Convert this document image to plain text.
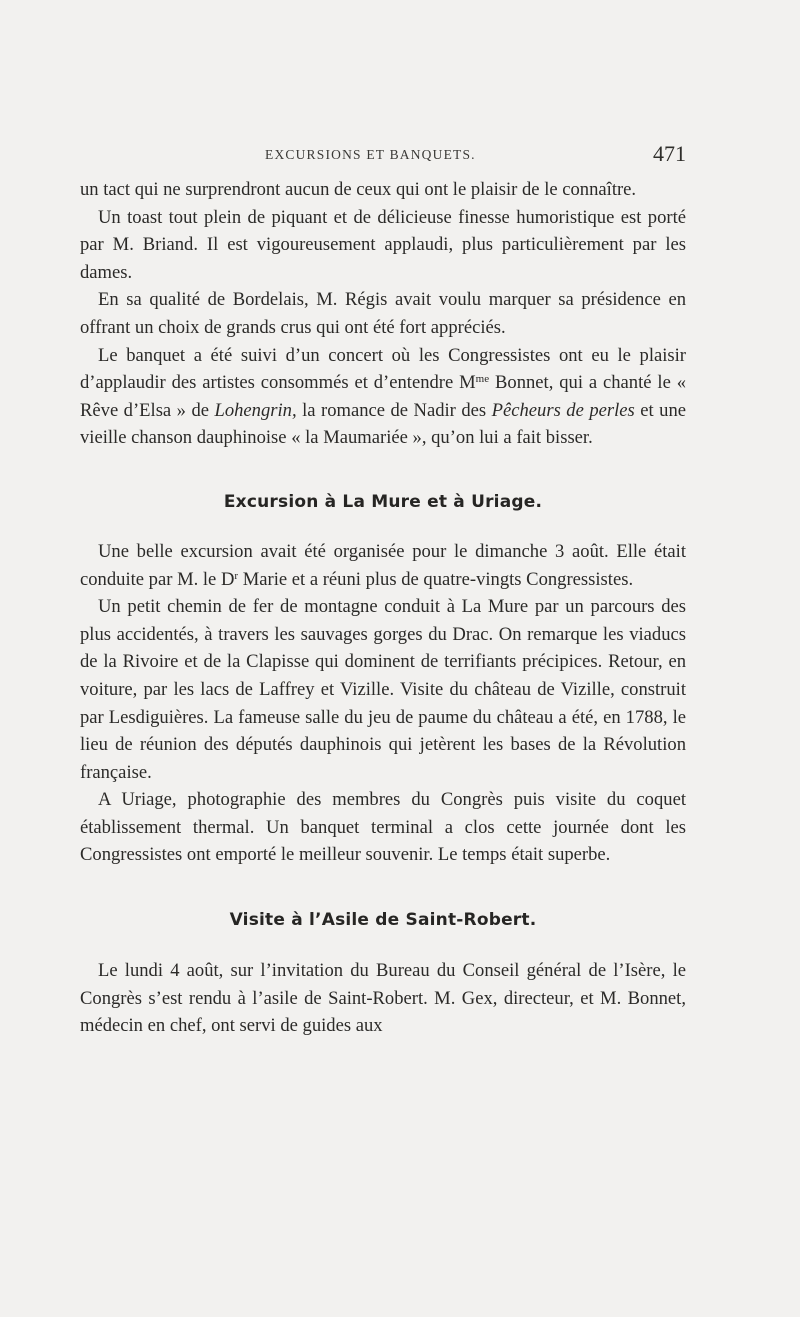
EXCURSIONS ET BANQUETS.	471

un tact qui ne surprendront aucun de ceux qui ont le plaisir de le connaître.

Un toast tout plein de piquant et de délicieuse finesse humoristique est porté par M. Briand. Il est vigoureusement applaudi, plus particulièrement par les dames.

En sa qualité de Bordelais, M. Régis avait voulu marquer sa présidence en offrant un choix de grands crus qui ont été fort appréciés.

Le banquet a été suivi d’un concert où les Congressistes ont eu le plaisir d’applaudir des artistes consommés et d’entendre $M^{me}$ Bonnet, qui a chanté le « Rêve d’Elsa » de Lohengrin, la romance de Nadir des Pêcheurs de perles et une vieille chanson dauphinoise « la Maumariée », qu’on lui a fait bisser.

Excursion à La Mure et à Uriage.

Une belle excursion avait été organisée pour le dimanche 3 août. Elle était conduite par M. le $D^r$ Marie et a réuni plus de quatre-vingts Congressistes.

Un petit chemin de fer de montagne conduit à La Mure par un parcours des plus accidentés, à travers les sauvages gorges du Drac. On remarque les viaducs de la Rivoire et de la Clapisse qui dominent de terrifiants précipices. Retour, en voiture, par les lacs de Laffrey et Vizille. Visite du château de Vizille, construit par Lesdiguières. La fameuse salle du jeu de paume du château a été, en 1788, le lieu de réunion des députés dauphinois qui jetèrent les bases de la Révolution française.

A Uriage, photographie des membres du Congrès puis visite du coquet établissement thermal. Un banquet terminal a clos cette journée dont les Congressistes ont emporté le meilleur souvenir. Le temps était superbe.

Visite à l’Asile de Saint-Robert.

Le lundi 4 août, sur l’invitation du Bureau du Conseil général de l’Isère, le Congrès s’est rendu à l’asile de Saint-Robert. M. Gex, directeur, et M. Bonnet, médecin en chef, ont servi de guides aux
